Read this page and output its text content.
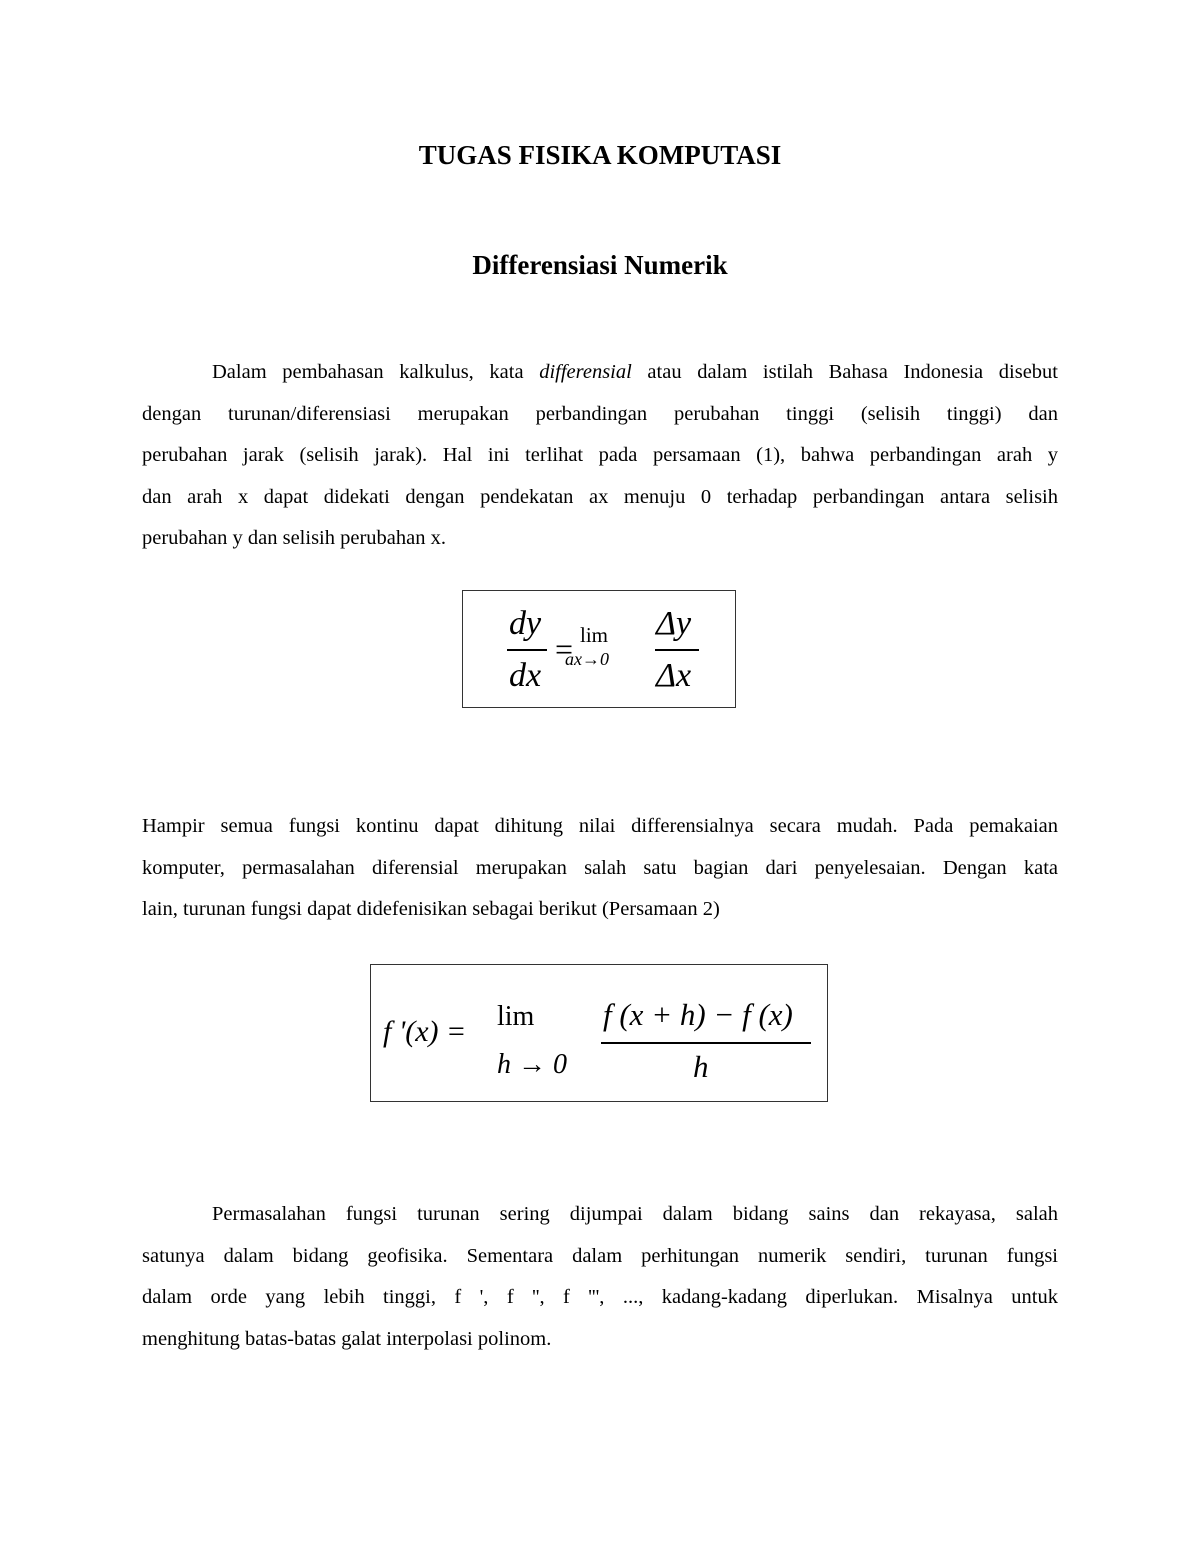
TUGAS FISIKA KOMPUTASI
Differensiasi Numerik
Dalam pembahasan kalkulus, kata differensial atau dalam istilah Bahasa Indonesia disebut
dengan turunan/diferensiasi merupakan perbandingan perubahan tinggi (selisih tinggi) dan
perubahan jarak (selisih jarak). Hal ini terlihat pada persamaan (1), bahwa perbandingan arah y
dan arah x dapat didekati dengan pendekatan ax menuju 0 terhadap perbandingan antara selisih
perubahan y dan selisih perubahan x.
dy
dx
= lim
ax→0
Δy
Δx
Hampir semua fungsi kontinu dapat dihitung nilai differensialnya secara mudah. Pada pemakaian
komputer, permasalahan diferensial merupakan salah satu bagian dari penyelesaian. Dengan kata
lain, turunan fungsi dapat didefenisikan sebagai berikut (Persamaan 2)
f '(x) = lim
h → 0
f (x + h) − f (x)
h
Permasalahan fungsi turunan sering dijumpai dalam bidang sains dan rekayasa, salah
satunya dalam bidang geofisika. Sementara dalam perhitungan numerik sendiri, turunan fungsi
dalam orde yang lebih tinggi, f ', f '', f ''', ..., kadang-kadang diperlukan. Misalnya untuk
menghitung batas-batas galat interpolasi polinom.
